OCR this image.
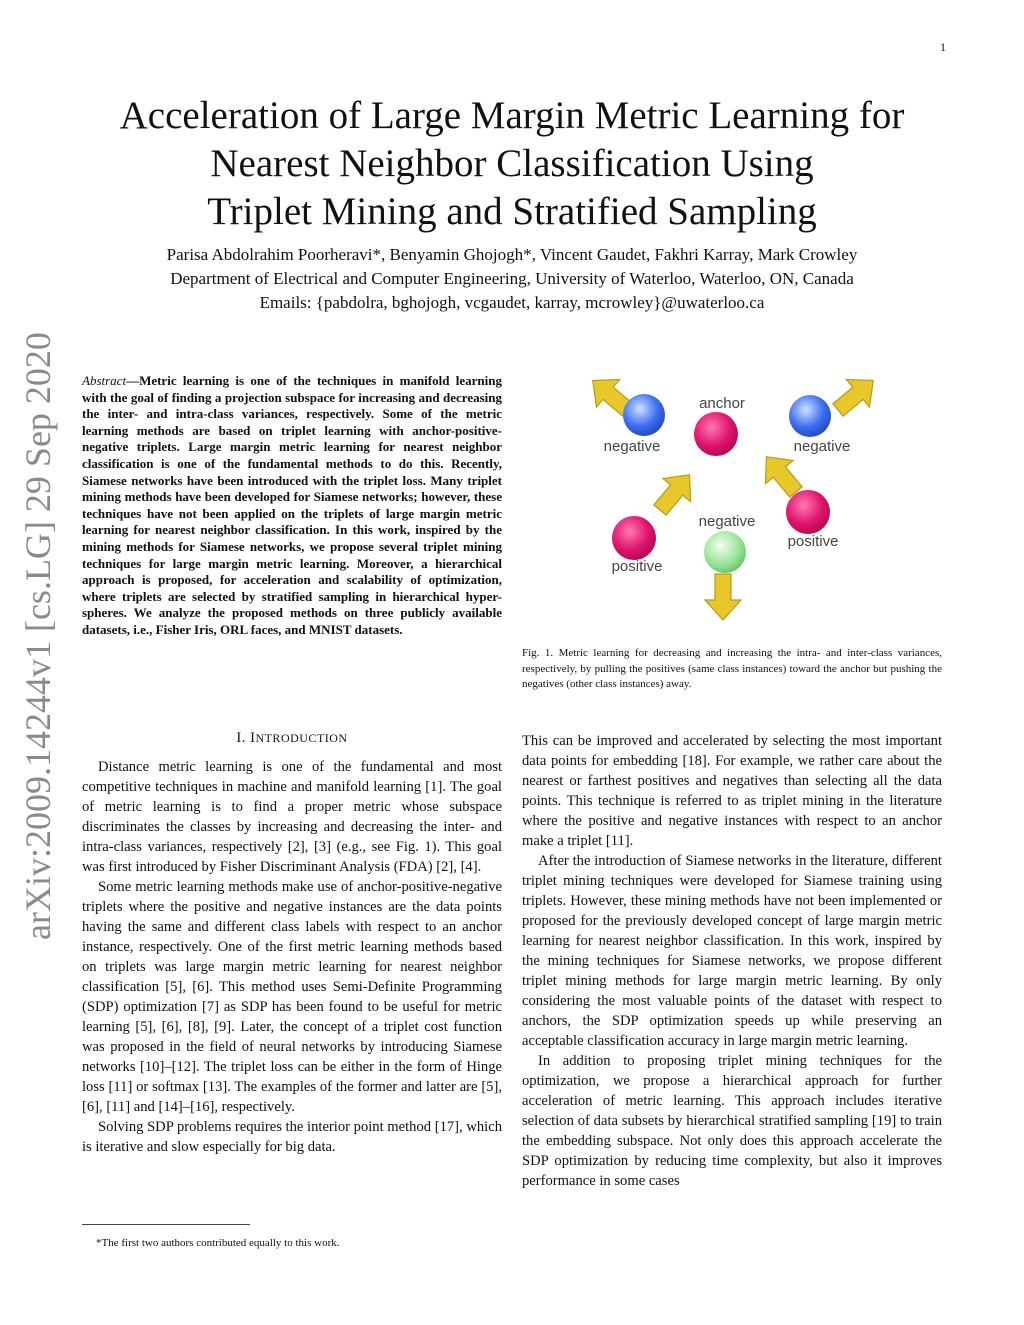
1
Acceleration of Large Margin Metric Learning for
Nearest Neighbor Classification Using
Triplet Mining and Stratified Sampling
Parisa Abdolrahim Poorheravi*, Benyamin Ghojogh*, Vincent Gaudet, Fakhri Karray, Mark Crowley
Department of Electrical and Computer Engineering, University of Waterloo, Waterloo, ON, Canada
Emails: {pabdolra, bghojogh, vcgaudet, karray, mcrowley}@uwaterloo.ca
arXiv:2009.14244v1 [cs.LG] 29 Sep 2020 Abstract—Metric learning is one of the techniques in manifold learning with the goal of finding a projection subspace for increasing and decreasing the inter- and intra-class variances, respectively. Some of the metric learning methods are based on triplet learning with anchor-positive-negative triplets. Large margin metric learning for nearest neighbor classification is one of the fundamental methods to do this. Recently, Siamese networks have been introduced with the triplet loss. Many triplet mining methods have been developed for Siamese networks; however, these techniques have not been applied on the triplets of large margin metric learning for nearest neighbor classification. In this work, inspired by the mining methods for Siamese networks, we propose several triplet mining techniques for large margin metric learning. Moreover, a hierarchical approach is proposed, for acceleration and scalability of optimization, where triplets are selected by stratified sampling in hierarchical hyper-spheres. We analyze the proposed methods on three publicly available datasets, i.e., Fisher Iris, ORL faces, and MNIST datasets.
anchor
negative	negative
negative
positive
positive
Fig. 1. Metric learning for decreasing and increasing the intra- and inter-class variances, respectively, by pulling the positives (same class instances) toward the anchor but pushing the negatives (other class instances) away.
I. INTRODUCTION

Distance metric learning is one of the fundamental and most competitive techniques in machine and manifold learning [1]. The goal of metric learning is to find a proper metric whose subspace discriminates the classes by increasing and decreasing the inter- and intra-class variances, respectively [2], [3] (e.g., see Fig. 1). This goal was first introduced by Fisher Discriminant Analysis (FDA) [2], [4].

Some metric learning methods make use of anchor-positive-negative triplets where the positive and negative instances are the data points having the same and different class labels with respect to an anchor instance, respectively. One of the first metric learning methods based on triplets was large margin metric learning for nearest neighbor classification [5], [6]. This method uses Semi-Definite Programming (SDP) optimization [7] as SDP has been found to be useful for metric learning [5], [6], [8], [9]. Later, the concept of a triplet cost function was proposed in the field of neural networks by introducing Siamese networks [10]–[12]. The triplet loss can be either in the form of Hinge loss [11] or softmax [13]. The examples of the former and latter are [5], [6], [11] and [14]–[16], respectively.

Solving SDP problems requires the interior point method [17], which is iterative and slow especially for big data.

This can be improved and accelerated by selecting the most important data points for embedding [18]. For example, we rather care about the nearest or farthest positives and negatives than selecting all the data points. This technique is referred to as triplet mining in the literature where the positive and negative instances with respect to an anchor make a triplet [11].

After the introduction of Siamese networks in the literature, different triplet mining techniques were developed for Siamese training using triplets. However, these mining methods have not been implemented or proposed for the previously developed concept of large margin metric learning for nearest neighbor classification. In this work, inspired by the mining techniques for Siamese networks, we propose different triplet mining methods for large margin metric learning. By only considering the most valuable points of the dataset with respect to anchors, the SDP optimization speeds up while preserving an acceptable classification accuracy in large margin metric learning.

In addition to proposing triplet mining techniques for the optimization, we propose a hierarchical approach for further acceleration of metric learning. This approach includes iterative selection of data subsets by hierarchical stratified sampling [19] to train the embedding subspace. Not only does this approach accelerate the SDP optimization by reducing time complexity, but also it improves performance in some cases

*The first two authors contributed equally to this work.
